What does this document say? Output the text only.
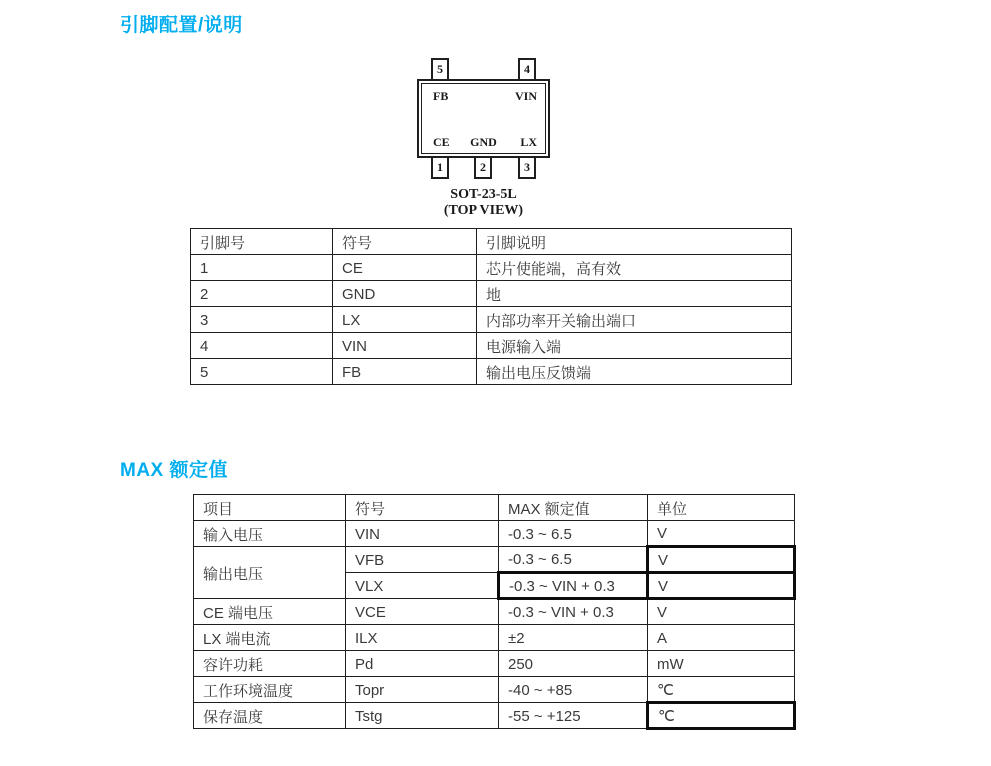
引脚配置/说明
5	4
FB	VIN
CE GND LX
1	2	3
SOT-23-5L
(TOP VIEW)
引脚号	符号	引脚说明
1	CE	芯片使能端，高有效
2	GND	地
3	LX	内部功率开关输出端口
4	VIN	电源输入端
5	FB	输出电压反馈端
MAX 额定值
项目	符号	MAX 额定值	单位
输入电压	VIN	-0.3 ~ 6.5	V
输出电压	VFB	-0.3 ~ 6.5	V
	VLX	-0.3 ~ VIN + 0.3	V
CE 端电压	VCE	-0.3 ~ VIN + 0.3	V
LX 端电流	ILX	±2	A
容许功耗	Pd	250	mW
工作环境温度	Topr	-40 ~ +85	℃
保存温度	Tstg	-55 ~ +125	℃
